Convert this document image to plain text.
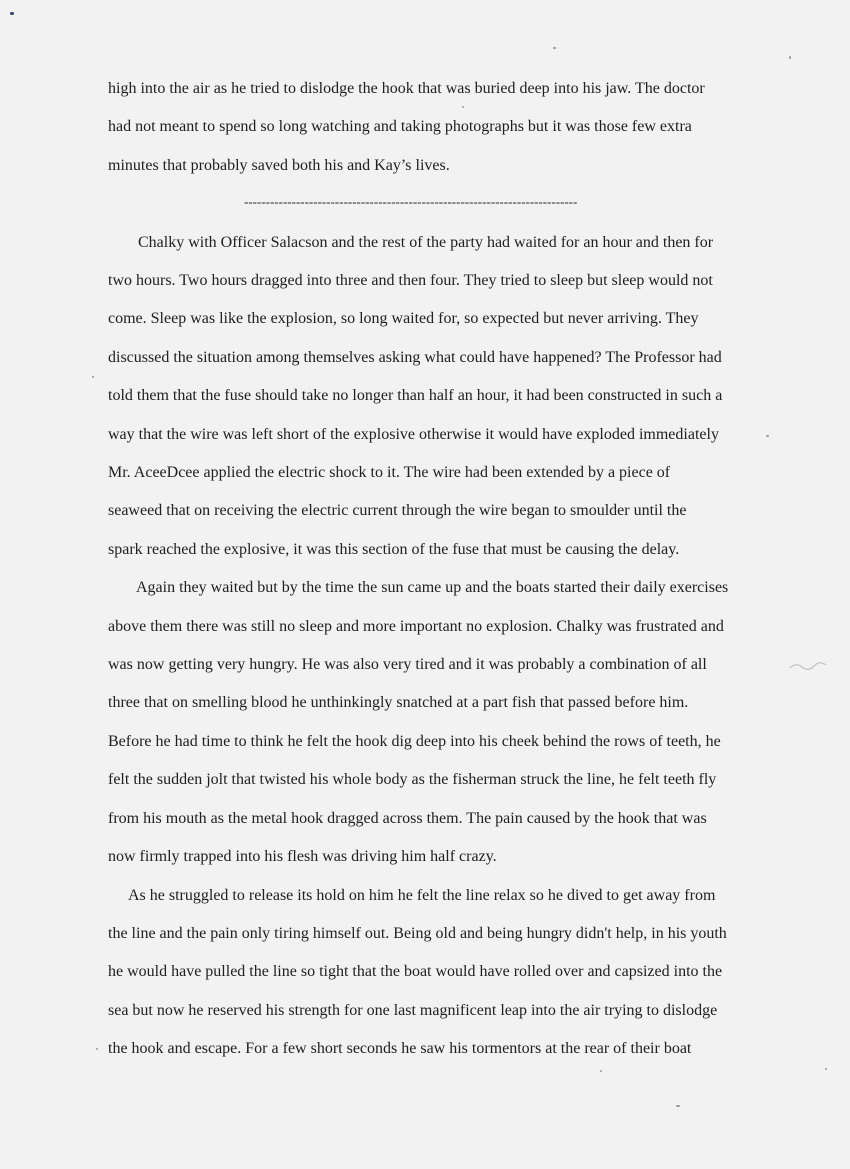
high into the air as he tried to dislodge the hook that was buried deep into his jaw. The doctor
had not meant to spend so long watching and taking photographs but it was those few extra
minutes that probably saved both his and Kay’s lives.
-----------------------------------------------------------------------------
Chalky with Officer Salacson and the rest of the party had waited for an hour and then for
two hours. Two hours dragged into three and then four. They tried to sleep but sleep would not
come. Sleep was like the explosion, so long waited for, so expected but never arriving. They
discussed the situation among themselves asking what could have happened? The Professor had
told them that the fuse should take no longer than half an hour, it had been constructed in such a
way that the wire was left short of the explosive otherwise it would have exploded immediately
Mr. AceeDcee applied the electric shock to it. The wire had been extended by a piece of
seaweed that on receiving the electric current through the wire began to smoulder until the
spark reached the explosive, it was this section of the fuse that must be causing the delay.
Again they waited but by the time the sun came up and the boats started their daily exercises
above them there was still no sleep and more important no explosion. Chalky was frustrated and
was now getting very hungry. He was also very tired and it was probably a combination of all
three that on smelling blood he unthinkingly snatched at a part fish that passed before him.
Before he had time to think he felt the hook dig deep into his cheek behind the rows of teeth, he
felt the sudden jolt that twisted his whole body as the fisherman struck the line, he felt teeth fly
from his mouth as the metal hook dragged across them. The pain caused by the hook that was
now firmly trapped into his flesh was driving him half crazy.
As he struggled to release its hold on him he felt the line relax so he dived to get away from
the line and the pain only tiring himself out. Being old and being hungry didn't help, in his youth
he would have pulled the line so tight that the boat would have rolled over and capsized into the
sea but now he reserved his strength for one last magnificent leap into the air trying to dislodge
the hook and escape. For a few short seconds he saw his tormentors at the rear of their boat
